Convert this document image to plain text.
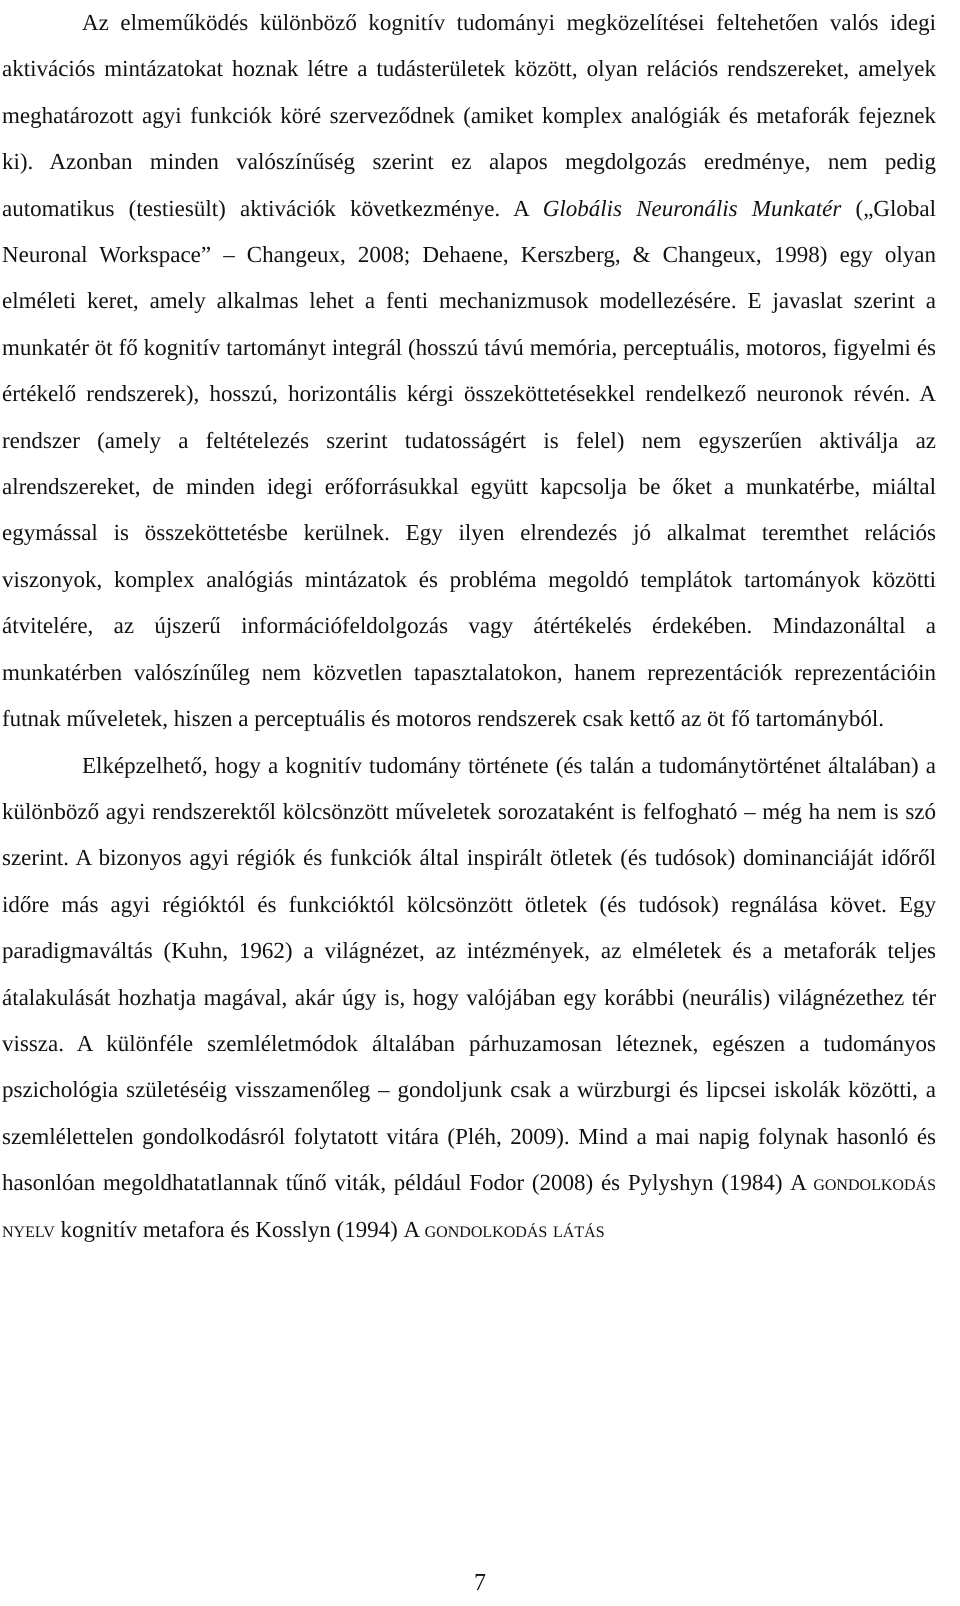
Az elmeműködés különböző kognitív tudományi megközelítései feltehetően valós idegi aktivációs mintázatokat hoznak létre a tudásterületek között, olyan relációs rendszereket, amelyek meghatározott agyi funkciók köré szerveződnek (amiket komplex analógiák és metaforák fejeznek ki). Azonban minden valószínűség szerint ez alapos megdolgozás eredménye, nem pedig automatikus (testiesült) aktivációk következménye. A Globális Neuronális Munkatér („Global Neuronal Workspace” – Changeux, 2008; Dehaene, Kerszberg, & Changeux, 1998) egy olyan elméleti keret, amely alkalmas lehet a fenti mechanizmusok modellezésére. E javaslat szerint a munkatér öt fő kognitív tartományt integrál (hosszú távú memória, perceptuális, motoros, figyelmi és értékelő rendszerek), hosszú, horizontális kérgi összeköttetésekkel rendelkező neuronok révén. A rendszer (amely a feltételezés szerint tudatosságért is felel) nem egyszerűen aktiválja az alrendszereket, de minden idegi erőforrásukkal együtt kapcsolja be őket a munkatérbe, miáltal egymással is összeköttetésbe kerülnek. Egy ilyen elrendezés jó alkalmat teremthet relációs viszonyok, komplex analógiás mintázatok és probléma megoldó templátok tartományok közötti átvitelére, az újszerű információfeldolgozás vagy átértékelés érdekében. Mindazonáltal a munkatérben valószínűleg nem közvetlen tapasztalatokon, hanem reprezentációk reprezentációin futnak műveletek, hiszen a perceptuális és motoros rendszerek csak kettő az öt fő tartományból.

Elképzelhető, hogy a kognitív tudomány története (és talán a tudománytörténet általában) a különböző agyi rendszerektől kölcsönzött műveletek sorozataként is felfogható – még ha nem is szó szerint. A bizonyos agyi régiók és funkciók által inspirált ötletek (és tudósok) dominanciáját időről időre más agyi régióktól és funkcióktól kölcsönzött ötletek (és tudósok) regnálása követ. Egy paradigmaváltás (Kuhn, 1962) a világnézet, az intézmények, az elméletek és a metaforák teljes átalakulását hozhatja magával, akár úgy is, hogy valójában egy korábbi (neurális) világnézethez tér vissza. A különféle szemléletmódok általában párhuzamosan léteznek, egészen a tudományos pszichológia születéséig visszamenőleg – gondoljunk csak a würzburgi és lipcsei iskolák közötti, a szemlélettelen gondolkodásról folytatott vitára (Pléh, 2009). Mind a mai napig folynak hasonló és hasonlóan megoldhatatlannak tűnő viták, például Fodor (2008) és Pylyshyn (1984) A gondolkodás nyelv kognitív metafora és Kosslyn (1994) A gondolkodás látás

7
